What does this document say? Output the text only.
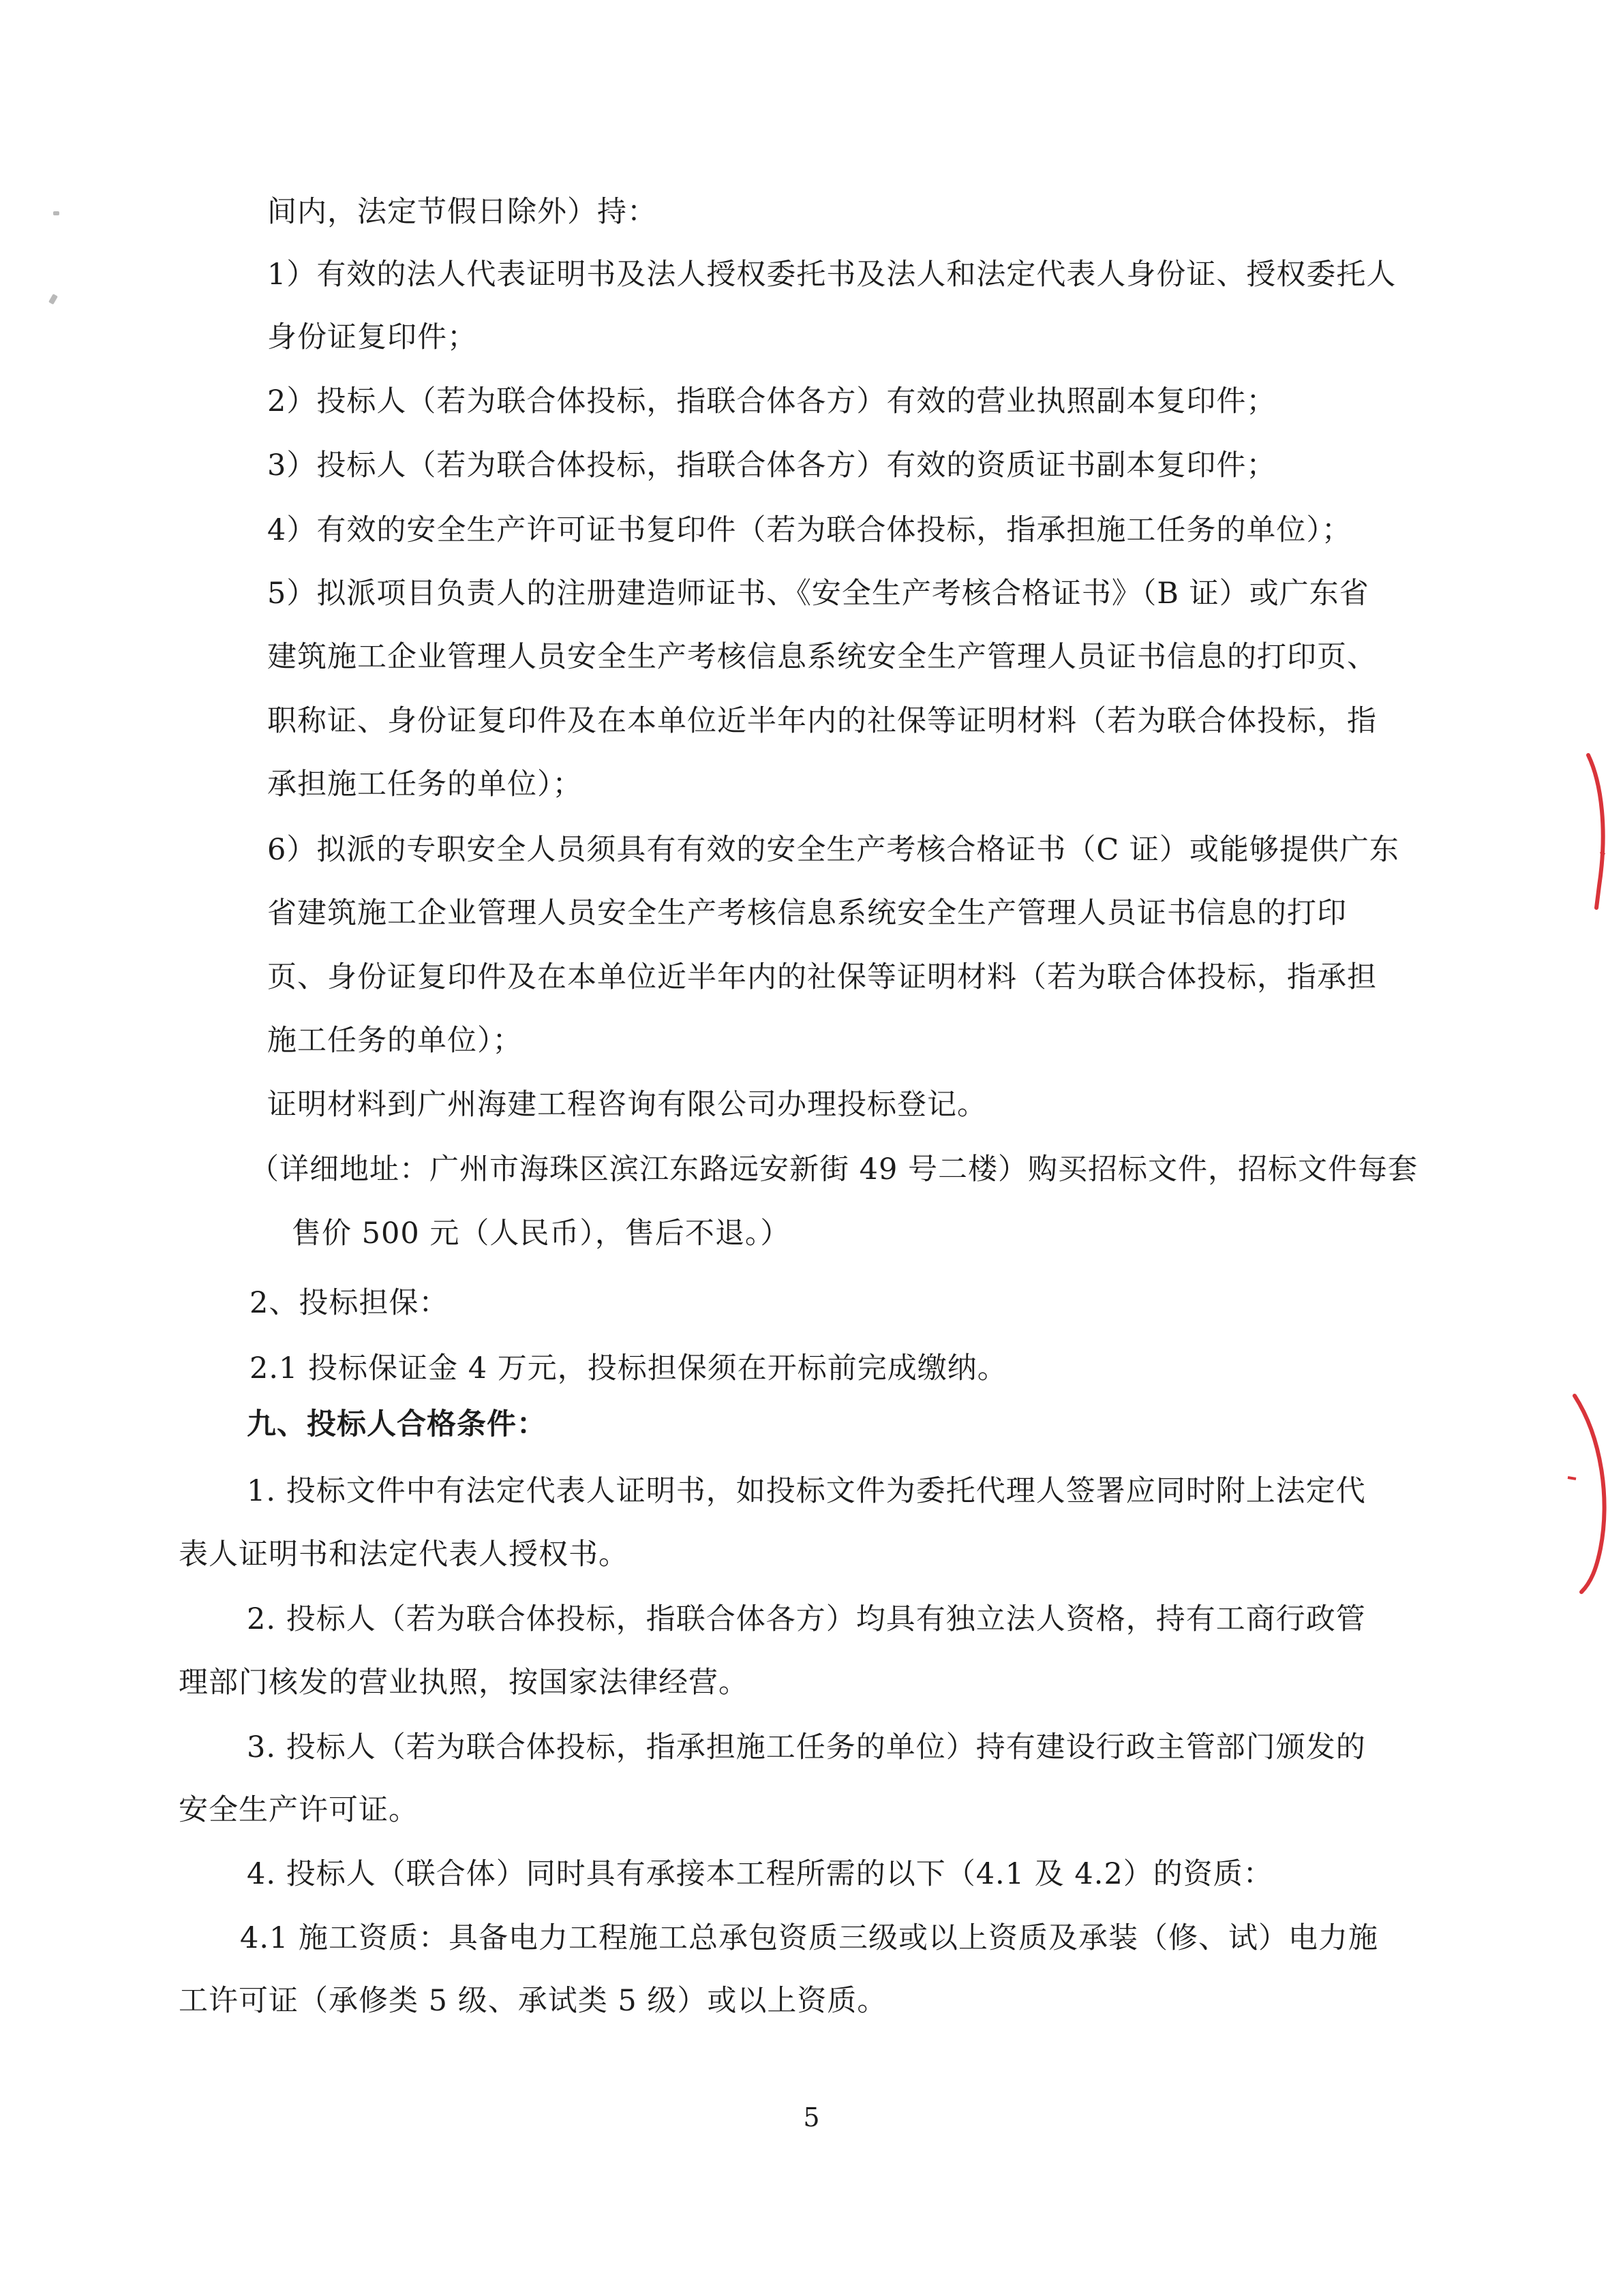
间内，法定节假日除外）持：
1）有效的法人代表证明书及法人授权委托书及法人和法定代表人身份证、授权委托人
身份证复印件；
2）投标人（若为联合体投标，指联合体各方）有效的营业执照副本复印件；
3）投标人（若为联合体投标，指联合体各方）有效的资质证书副本复印件；
4）有效的安全生产许可证书复印件（若为联合体投标，指承担施工任务的单位）；
5）拟派项目负责人的注册建造师证书、《安全生产考核合格证书》（B 证）或广东省
建筑施工企业管理人员安全生产考核信息系统安全生产管理人员证书信息的打印页、
职称证、身份证复印件及在本单位近半年内的社保等证明材料（若为联合体投标，指
承担施工任务的单位）；
6）拟派的专职安全人员须具有有效的安全生产考核合格证书（C 证）或能够提供广东
省建筑施工企业管理人员安全生产考核信息系统安全生产管理人员证书信息的打印
页、身份证复印件及在本单位近半年内的社保等证明材料（若为联合体投标，指承担
施工任务的单位）；
证明材料到广州海建工程咨询有限公司办理投标登记。
（详细地址：广州市海珠区滨江东路远安新街 49 号二楼）购买招标文件，招标文件每套
售价 500 元（人民币），售后不退。）
2、投标担保：
2.1 投标保证金 4 万元，投标担保须在开标前完成缴纳。
九、投标人合格条件：
1. 投标文件中有法定代表人证明书，如投标文件为委托代理人签署应同时附上法定代
表人证明书和法定代表人授权书。
2. 投标人（若为联合体投标，指联合体各方）均具有独立法人资格，持有工商行政管
理部门核发的营业执照，按国家法律经营。
3. 投标人（若为联合体投标，指承担施工任务的单位）持有建设行政主管部门颁发的
安全生产许可证。
4. 投标人（联合体）同时具有承接本工程所需的以下（4.1 及 4.2）的资质：
4.1 施工资质：具备电力工程施工总承包资质三级或以上资质及承装（修、试）电力施
工许可证（承修类 5 级、承试类 5 级）或以上资质。
5
